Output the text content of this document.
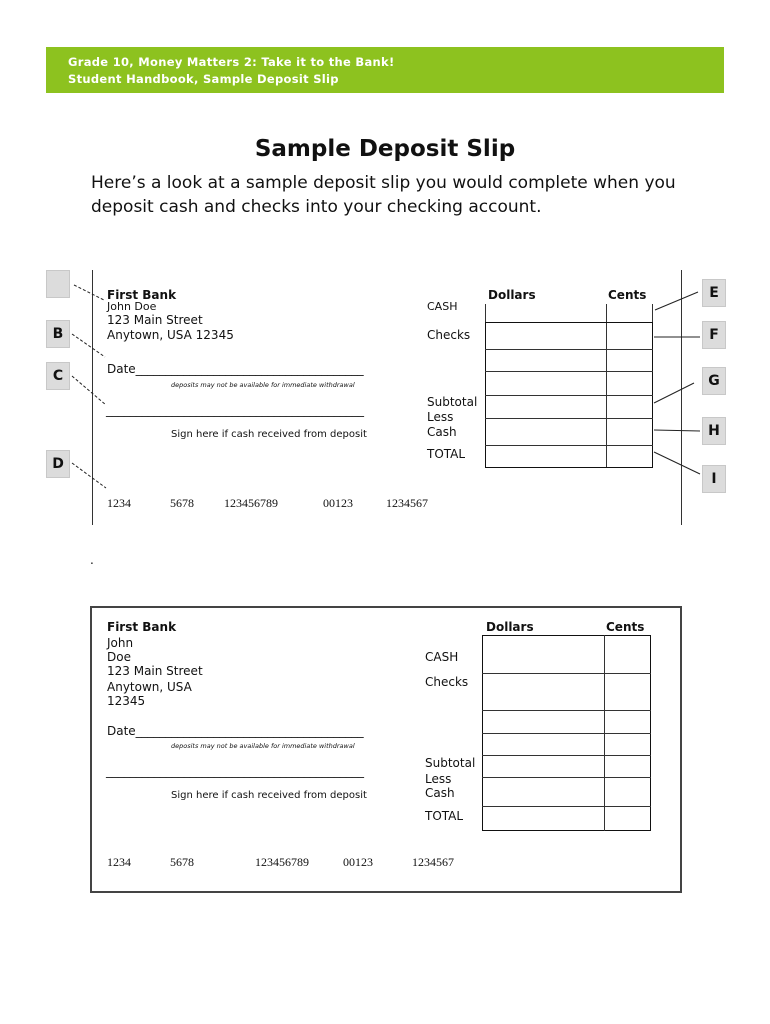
Grade 10, Money Matters 2: Take it to the Bank!
Student Handbook, Sample Deposit Slip
Sample Deposit Slip
Here’s a look at a sample deposit slip you would complete when you deposit cash and checks into your checking account.
B
C
D
E
F
G
H
I
First Bank
John Doe
123 Main Street
Anytown, USA 12345
Date______________________________________
deposits may not be available for immediate withdrawal
___________________________________________
Sign here if cash received from deposit
1234	5678	123456789	00123	1234567
Dollars	Cents
CASH
Checks
Subtotal
Less
Cash
TOTAL
.
First Bank
John
Doe
123 Main Street
Anytown, USA
12345
Date______________________________________
deposits may not be available for immediate withdrawal
___________________________________________
Sign here if cash received from deposit
1234	5678	123456789	00123	1234567
Dollars	Cents
CASH
Checks
Subtotal
Less
Cash
TOTAL
